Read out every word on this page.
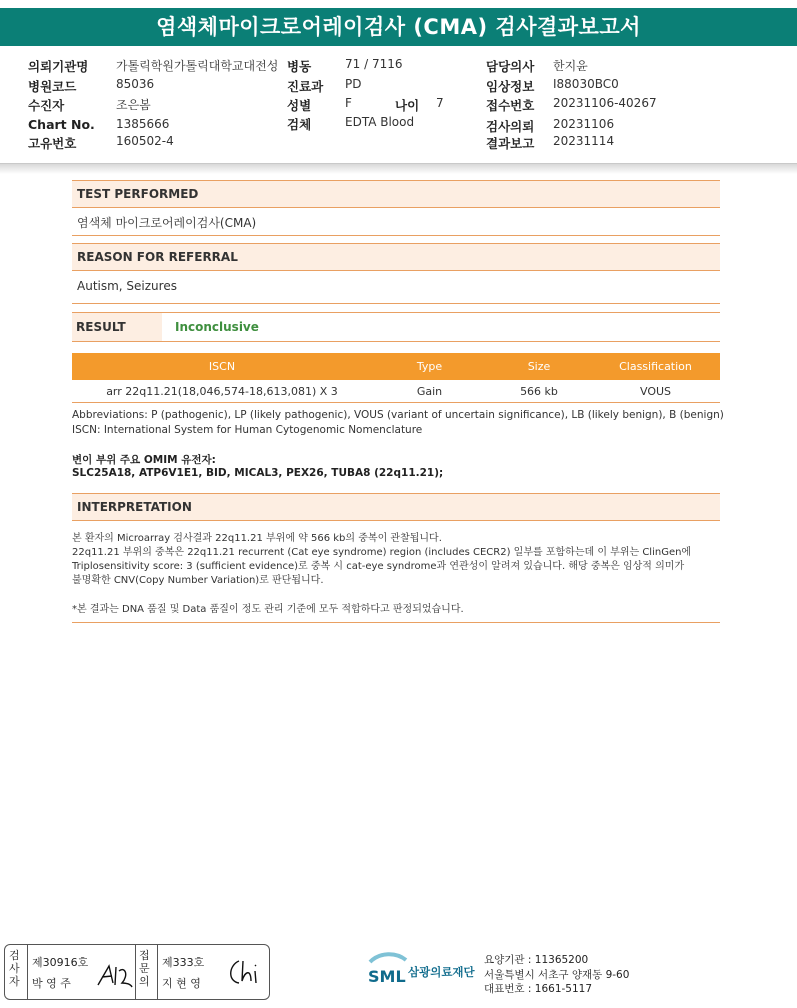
염색체마이크로어레이검사 (CMA) 검사결과보고서
의뢰기관명 가톨릭학원가톨릭대학교대전성
병원코드	85036
수진자	조은봄
Chart No. 1385666
고유번호	160502-4
병동	71 / 7116
진료과 PD
성별	F	나이 7
검체	EDTA Blood
담당의사 한지윤
임상정보 I88030BC0
접수번호 20231106-40267
검사의뢰 20231106
결과보고 20231114
TEST PERFORMED
염색체 마이크로어레이검사(CMA)
REASON FOR REFERRAL
Autism, Seizures
RESULT	Inconclusive
ISCN	Type	Size	Classification
arr 22q11.21(18,046,574-18,613,081) X 3	Gain	566 kb	VOUS
Abbreviations: P (pathogenic), LP (likely pathogenic), VOUS (variant of uncertain significance), LB (likely benign), B (benign)
ISCN: International System for Human Cytogenomic Nomenclature
변이 부위 주요 OMIM 유전자:
SLC25A18, ATP6V1E1, BID, MICAL3, PEX26, TUBA8 (22q11.21);
INTERPRETATION
본 환자의 Microarray 검사결과 22q11.21 부위에 약 566 kb의 중복이 관찰됩니다.
22q11.21 부위의 중복은 22q11.21 recurrent (Cat eye syndrome) region (includes CECR2) 일부를 포함하는데 이 부위는 ClinGen에
Triplosensitivity score: 3 (sufficient evidence)로 중복 시 cat-eye syndrome과 연관성이 알려져 있습니다. 해당 중복은 임상적 의미가
불명확한 CNV(Copy Number Variation)로 판단됩니다.
*본 결과는 DNA 품질 및 Data 품질이 정도 관리 기준에 모두 적합하다고 판정되었습니다.
검
사
자
제30916호
박 영 주
접
문
의
제333호
지 현 영	SML 삼광의료재단
요양기관 : 11365200
서울특별시 서초구 양재동 9-60
대표번호 : 1661-5117
